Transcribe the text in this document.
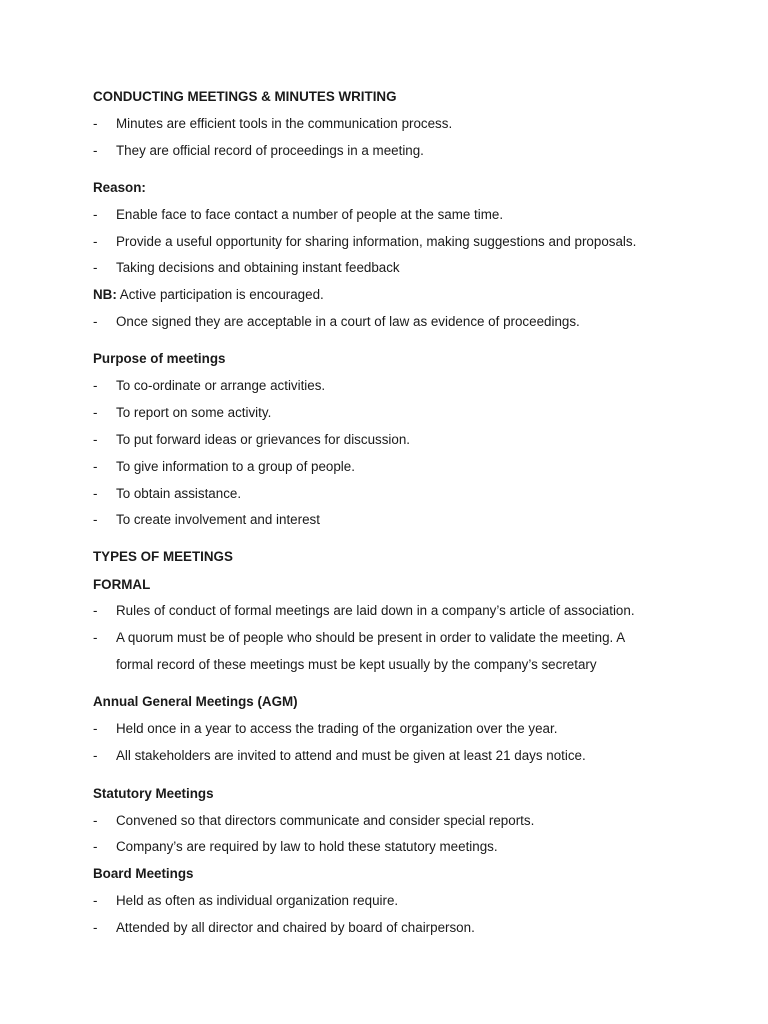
CONDUCTING MEETINGS & MINUTES WRITING
- Minutes are efficient tools in the communication process.
- They are official record of proceedings in a meeting.
Reason:
- Enable face to face contact a number of people at the same time.
- Provide a useful opportunity for sharing information, making suggestions and proposals.
- Taking decisions and obtaining instant feedback
NB: Active participation is encouraged.
- Once signed they are acceptable in a court of law as evidence of proceedings.
Purpose of meetings
- To co-ordinate or arrange activities.
- To report on some activity.
- To put forward ideas or grievances for discussion.
- To give information to a group of people.
- To obtain assistance.
- To create involvement and interest
TYPES OF MEETINGS
FORMAL
- Rules of conduct of formal meetings are laid down in a company’s article of association.
- A quorum must be of people who should be present in order to validate the meeting. A
formal record of these meetings must be kept usually by the company’s secretary
Annual General Meetings (AGM)
- Held once in a year to access the trading of the organization over the year.
- All stakeholders are invited to attend and must be given at least 21 days notice.
Statutory Meetings
- Convened so that directors communicate and consider special reports.
- Company’s are required by law to hold these statutory meetings.
Board Meetings
- Held as often as individual organization require.
- Attended by all director and chaired by board of chairperson.
